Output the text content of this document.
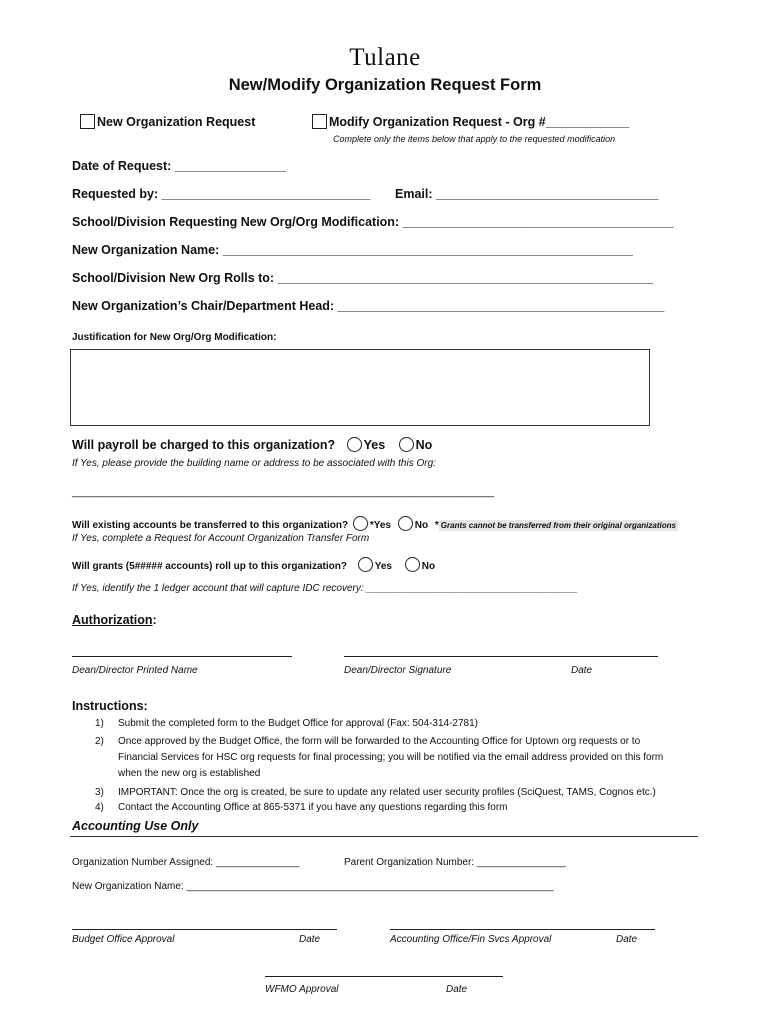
Tulane
New/Modify Organization Request Form
New Organization Request	Modify Organization Request - Org #____________
Complete only the items below that apply to the requested modification
Date of Request: ________________
Requested by: ______________________________ Email: ________________________________
School/Division Requesting New Org/Org Modification: _______________________________________
New Organization Name: ___________________________________________________________
School/Division New Org Rolls to: ______________________________________________________
New Organization’s Chair/Department Head: _______________________________________________
Justification for New Org/Org Modification:
Will payroll be charged to this organization? Yes No
If Yes, please provide the building name or address to be associated with this Org:
_____________________________________________________________________
Will existing accounts be transferred to this organization? *Yes No * Grants cannot be transferred from their original organizations
If Yes, complete a Request for Account Organization Transfer Form
Will grants (5##### accounts) roll up to this organization?	Yes	No
If Yes, identify the 1 ledger account that will capture IDC recovery: ______________________________________
Authorization:
Dean/Director Printed Name	Dean/Director Signature	Date
Instructions:
1) Submit the completed form to the Budget Office for approval (Fax: 504-314-2781)
2) Once approved by the Budget Office, the form will be forwarded to the Accounting Office for Uptown org requests or to
Financial Services for HSC org requests for final processing; you will be notified via the email address provided on this form
when the new org is established
3) IMPORTANT: Once the org is created, be sure to update any related user security profiles (SciQuest, TAMS, Cognos etc.)
4) Contact the Accounting Office at 865-5371 if you have any questions regarding this form
Accounting Use Only
Organization Number Assigned: _______________	Parent Organization Number: ________________
New Organization Name: __________________________________________________________________
Budget Office Approval	Date	Accounting Office/Fin Svcs Approval	Date
WFMO Approval	Date
